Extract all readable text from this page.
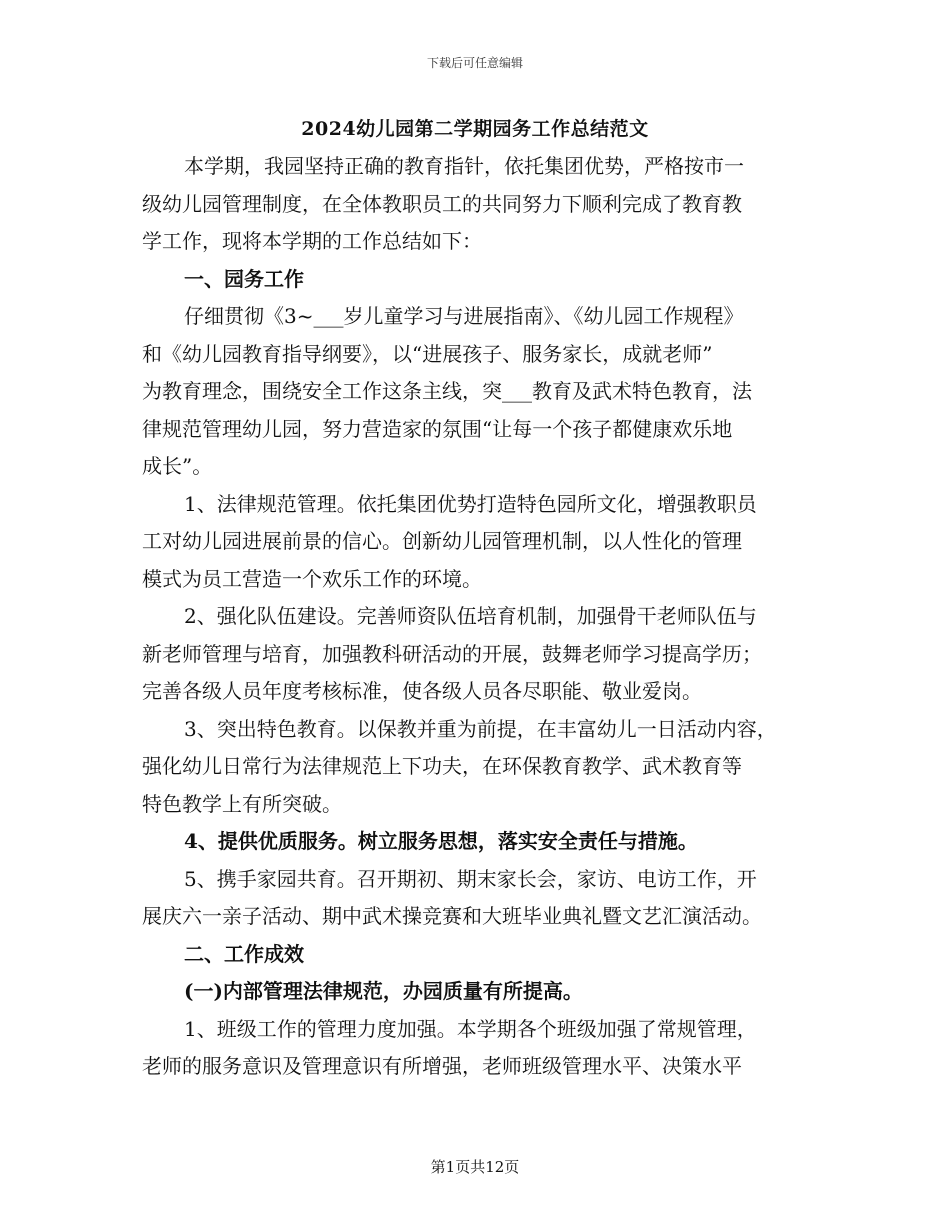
下载后可任意编辑
2024幼儿园第二学期园务工作总结范文
本学期，我园坚持正确的教育指针，依托集团优势，严格按市一
级幼儿园管理制度，在全体教职员工的共同努力下顺利完成了教育教
学工作，现将本学期的工作总结如下：
一、园务工作
仔细贯彻《3~___岁儿童学习与进展指南》、《幼儿园工作规程》
和《幼儿园教育指导纲要》，以“进展孩子、服务家长，成就老师”
为教育理念，围绕安全工作这条主线，突___教育及武术特色教育，法
律规范管理幼儿园，努力营造家的氛围“让每一个孩子都健康欢乐地
成长”。
1、法律规范管理。依托集团优势打造特色园所文化，增强教职员
工对幼儿园进展前景的信心。创新幼儿园管理机制，以人性化的管理
模式为员工营造一个欢乐工作的环境。
2、强化队伍建设。完善师资队伍培育机制，加强骨干老师队伍与
新老师管理与培育，加强教科研活动的开展，鼓舞老师学习提高学历；
完善各级人员年度考核标准，使各级人员各尽职能、敬业爱岗。
3、突出特色教育。以保教并重为前提，在丰富幼儿一日活动内容，
强化幼儿日常行为法律规范上下功夫，在环保教育教学、武术教育等
特色教学上有所突破。
4、提供优质服务。树立服务思想，落实安全责任与措施。
5、携手家园共育。召开期初、期末家长会，家访、电访工作，开
展庆六一亲子活动、期中武术操竞赛和大班毕业典礼暨文艺汇演活动。
二、工作成效
(一)内部管理法律规范，办园质量有所提高。
1、班级工作的管理力度加强。本学期各个班级加强了常规管理，
老师的服务意识及管理意识有所增强，老师班级管理水平、决策水平
第1页共12页
